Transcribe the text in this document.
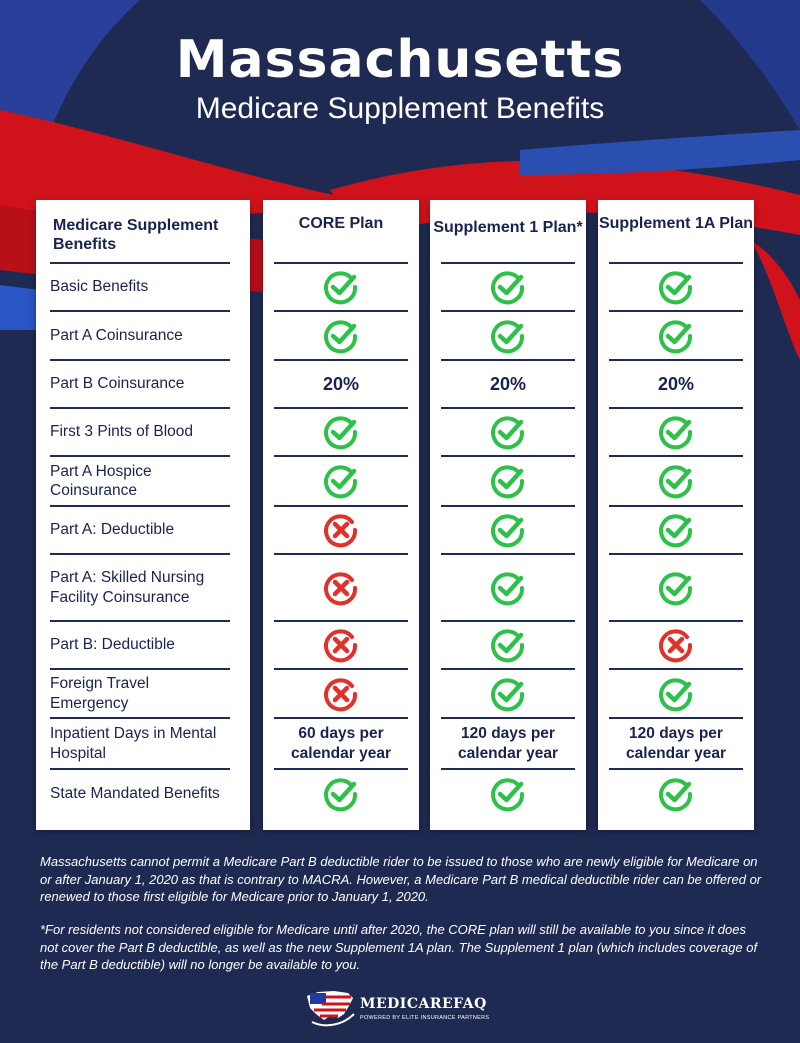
Massachusetts
Medicare Supplement Benefits
Medicare Supplement Benefits
Basic Benefits
Part A Coinsurance
Part B Coinsurance
First 3 Pints of Blood
Part A Hospice Coinsurance
Part A: Deductible
Part A: Skilled Nursing Facility Coinsurance
Part B: Deductible
Foreign Travel Emergency
Inpatient Days in Mental Hospital
State Mandated Benefits
CORE Plan
20%
60 days per calendar year
Supplement 1 Plan*
20%
120 days per calendar year
Supplement 1A Plan
20%
120 days per calendar year

Massachusetts cannot permit a Medicare Part B deductible rider to be issued to those who are newly eligible for Medicare on or after January 1, 2020 as that is contrary to MACRA. However, a Medicare Part B medical deductible rider can be offered or renewed to those first eligible for Medicare prior to January 1, 2020.

*For residents not considered eligible for Medicare until after 2020, the CORE plan will still be available to you since it does not cover the Part B deductible, as well as the new Supplement 1A plan. The Supplement 1 plan (which includes coverage of the Part B deductible) will no longer be available to you.

MEDICAREFAQ
POWERED BY ELITE INSURANCE PARTNERS
